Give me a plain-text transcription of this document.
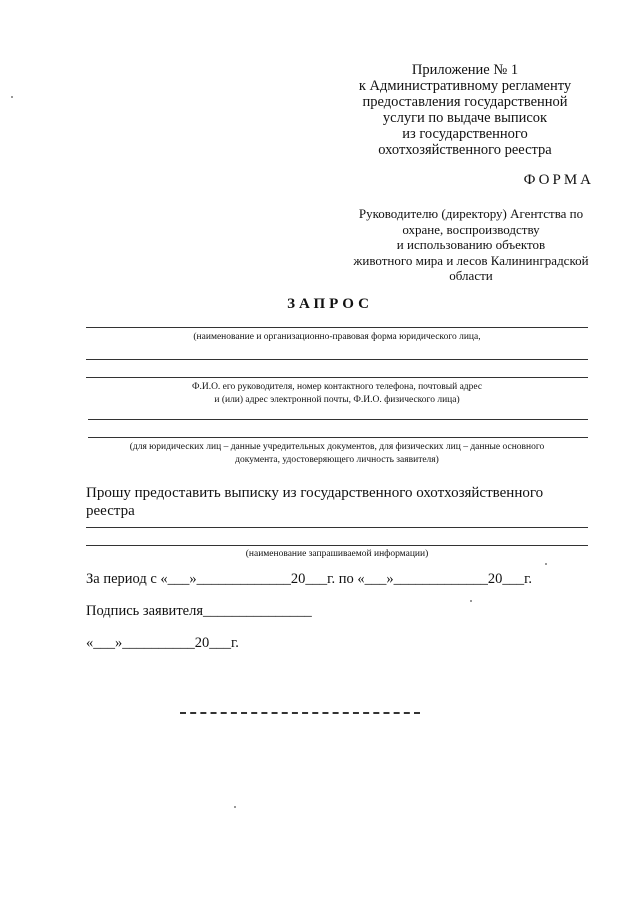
Приложение № 1
к Административному регламенту
предоставления государственной
услуги по выдаче выписок
из государственного
охотхозяйственного реестра
ФОРМА
Руководителю (директору) Агентства по
охране, воспроизводству
и использованию объектов
животного мира и лесов Калининградской
области
ЗАПРОС
(наименование и организационно-правовая форма юридического лица,
Ф.И.О. его руководителя, номер контактного телефона, почтовый адрес
и (или) адрес электронной почты, Ф.И.О. физического лица)
(для юридических лиц – данные учредительных документов, для физических лиц – данные основного
документа, удостоверяющего личность заявителя)
Прошу предоставить выписку из государственного охотхозяйственного
реестра
(наименование запрашиваемой информации)
За период с «___»_____________20___г. по «___»_____________20___г.
Подпись заявителя_______________
«___»__________20___г.
